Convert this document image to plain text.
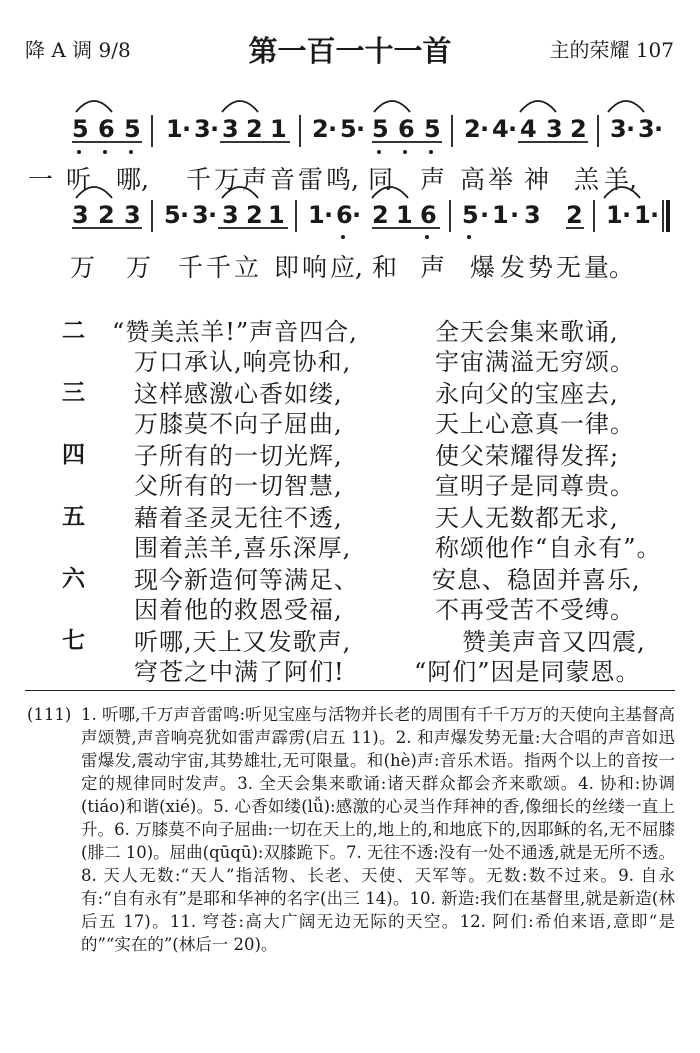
降 A 调 9/8	第一百一十一首	主的荣耀 107
5 6 5 1 · 3 · 3 2 1 2 · 5 · 5 6 5 2 · 4 · 4 3 2 3 · 3 ·
3 2 3 5 · 3 · 3 2 1 1 · 6 · 2 1 6 5 · 1 · 3 2 1 · 1 ·
一 听 哪, 千 万 声 音 雷 鸣, 同 声 高 举 神 羔 羊,
万 万 千 千 立 即 响 应, 和 声 爆 发 势 无 量。
二 “赞美羔羊!”声音四合,	全天会集来歌诵,
万口承认,响亮协和,	宇宙满溢无穷颂。
三 这样感激心香如缕,	永向父的宝座去,
万膝莫不向子屈曲,	天上心意真一律。
四 子所有的一切光辉,	使父荣耀得发挥;
父所有的一切智慧,	宣明子是同尊贵。
五 藉着圣灵无往不透,	天人无数都无求,
围着羔羊,喜乐深厚,	称颂他作“自永有”。
六 现今新造何等满足、	安息、稳固并喜乐,
因着他的救恩受福,	不再受苦不受缚。
七 听哪,天上又发歌声,	赞美声音又四震,
穹苍之中满了阿们!	“阿们”因是同蒙恩。
(111) 1. 听哪,千万声音雷鸣:听见宝座与活物并长老的周围有千千万万的天使向主基督高声颂赞,声音响亮犹如雷声霹雳(启五 11)。2. 和声爆发势无量:大合唱的声音如迅雷爆发,震动宇宙,其势雄壮,无可限量。和(hè)声:音乐术语。指两个以上的音按一定的规律同时发声。3. 全天会集来歌诵:诸天群众都会齐来歌颂。4. 协和:协调(tiáo)和谐(xié)。5. 心香如缕(lǚ):感激的心灵当作拜神的香,像细长的丝缕一直上升。6. 万膝莫不向子屈曲:一切在天上的,地上的,和地底下的,因耶稣的名,无不屈膝(腓二 10)。屈曲(qūqū):双膝跪下。7. 无往不透:没有一处不通透,就是无所不透。8. 天人无数:“天人”指活物、长老、天使、天军等。无数:数不过来。9. 自永有:“自有永有”是耶和华神的名字(出三 14)。10. 新造:我们在基督里,就是新造(林后五 17)。11. 穹苍:高大广阔无边无际的天空。12. 阿们:希伯来语,意即“是的”“实在的”(林后一 20)。
